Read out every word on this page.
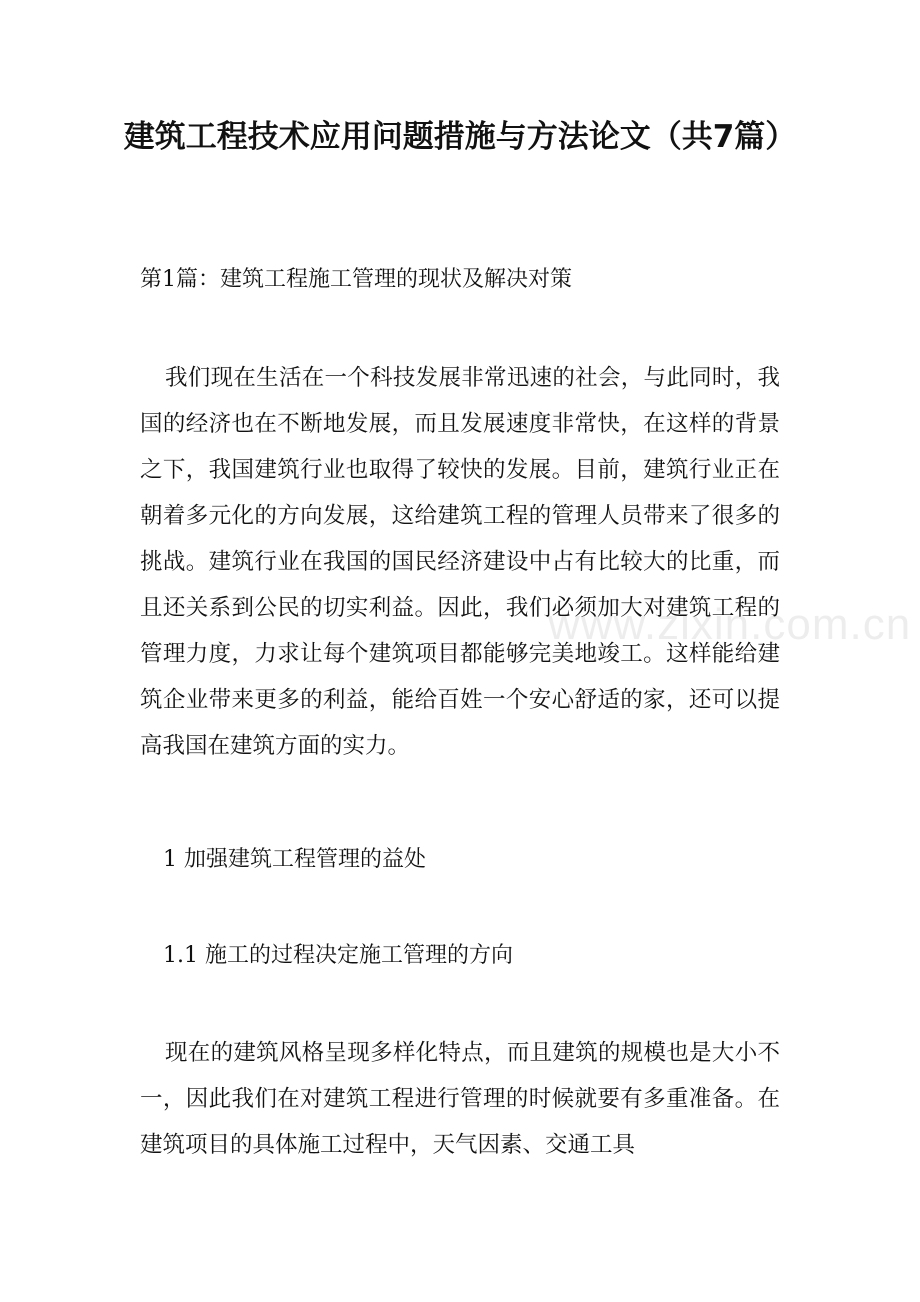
www.zixin.com.cn
建筑工程技术应用问题措施与方法论文（共7篇）
第1篇：建筑工程施工管理的现状及解决对策
我们现在生活在一个科技发展非常迅速的社会，与此同时，我国的经济也在不断地发展，而且发展速度非常快，在这样的背景之下，我国建筑行业也取得了较快的发展。目前，建筑行业正在朝着多元化的方向发展，这给建筑工程的管理人员带来了很多的挑战。建筑行业在我国的国民经济建设中占有比较大的比重，而且还关系到公民的切实利益。因此，我们必须加大对建筑工程的管理力度，力求让每个建筑项目都能够完美地竣工。这样能给建筑企业带来更多的利益，能给百姓一个安心舒适的家，还可以提高我国在建筑方面的实力。
1 加强建筑工程管理的益处
1.1 施工的过程决定施工管理的方向
现在的建筑风格呈现多样化特点，而且建筑的规模也是大小不一，因此我们在对建筑工程进行管理的时候就要有多重准备。在建筑项目的具体施工过程中，天气因素、交通工具
